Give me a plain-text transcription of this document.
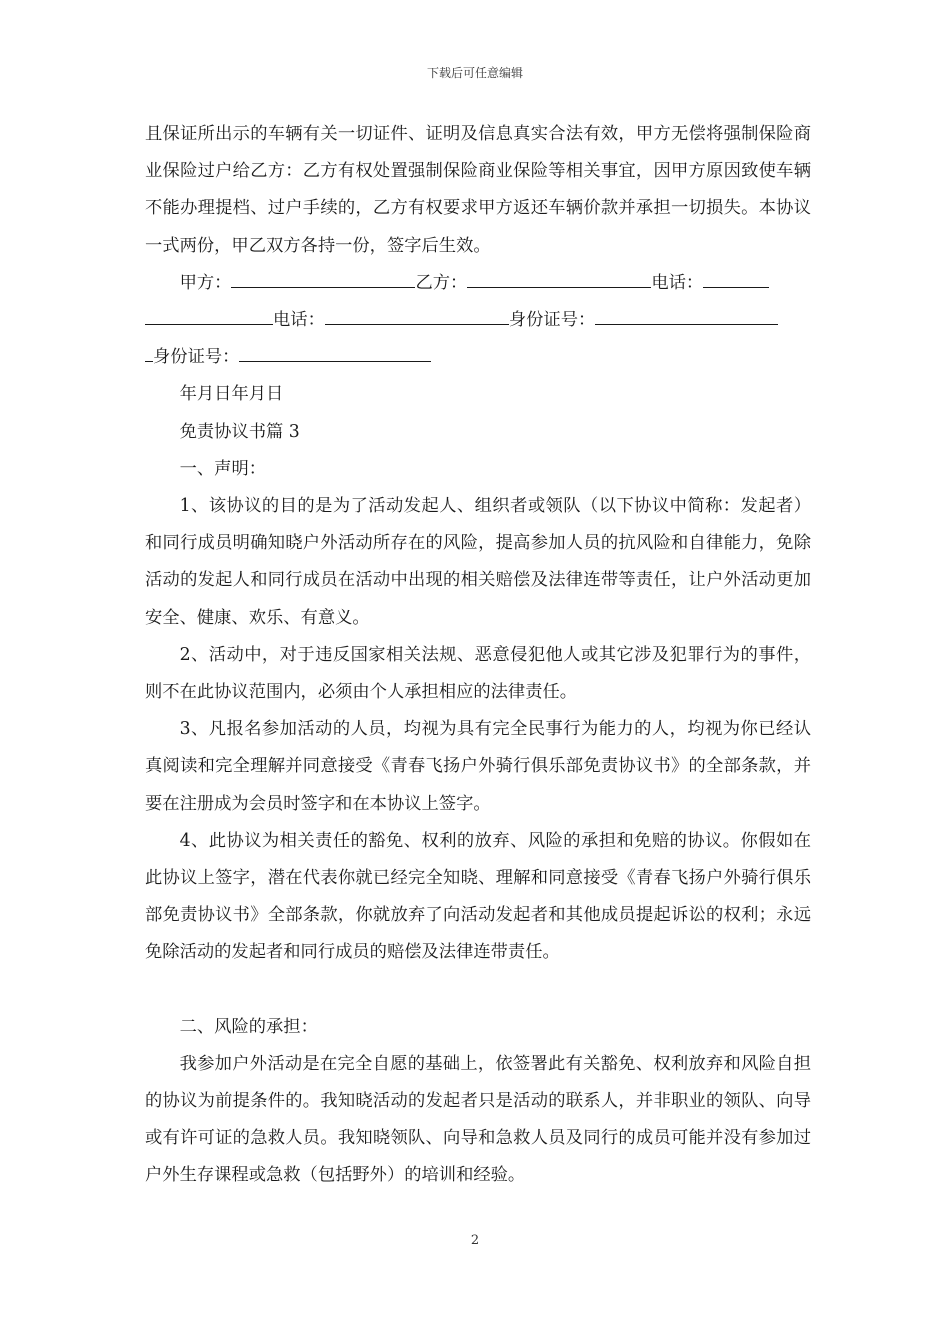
下载后可任意编辑

且保证所出示的车辆有关一切证件、证明及信息真实合法有效，甲方无偿将强制保险商业保险过户给乙方：乙方有权处置强制保险商业保险等相关事宜，因甲方原因致使车辆不能办理提档、过户手续的，乙方有权要求甲方返还车辆价款并承担一切损失。本协议一式两份，甲乙双方各持一份，签字后生效。

甲方：	乙方：	电话：

电话：	身份证号：

身份证号：

年月日年月日

免责协议书篇 3

一、声明：

1、该协议的目的是为了活动发起人、组织者或领队（以下协议中简称：发起者）和同行成员明确知晓户外活动所存在的风险，提高参加人员的抗风险和自律能力，免除活动的发起人和同行成员在活动中出现的相关赔偿及法律连带等责任，让户外活动更加安全、健康、欢乐、有意义。

2、活动中，对于违反国家相关法规、恶意侵犯他人或其它涉及犯罪行为的事件，则不在此协议范围内，必须由个人承担相应的法律责任。

3、凡报名参加活动的人员，均视为具有完全民事行为能力的人，均视为你已经认真阅读和完全理解并同意接受《青春飞扬户外骑行俱乐部免责协议书》的全部条款，并要在注册成为会员时签字和在本协议上签字。

4、此协议为相关责任的豁免、权利的放弃、风险的承担和免赔的协议。你假如在此协议上签字，潜在代表你就已经完全知晓、理解和同意接受《青春飞扬户外骑行俱乐部免责协议书》全部条款，你就放弃了向活动发起者和其他成员提起诉讼的权利；永远免除活动的发起者和同行成员的赔偿及法律连带责任。

二、风险的承担：

我参加户外活动是在完全自愿的基础上，依签署此有关豁免、权利放弃和风险自担的协议为前提条件的。我知晓活动的发起者只是活动的联系人，并非职业的领队、向导或有许可证的急救人员。我知晓领队、向导和急救人员及同行的成员可能并没有参加过户外生存课程或急救（包括野外）的培训和经验。

2
